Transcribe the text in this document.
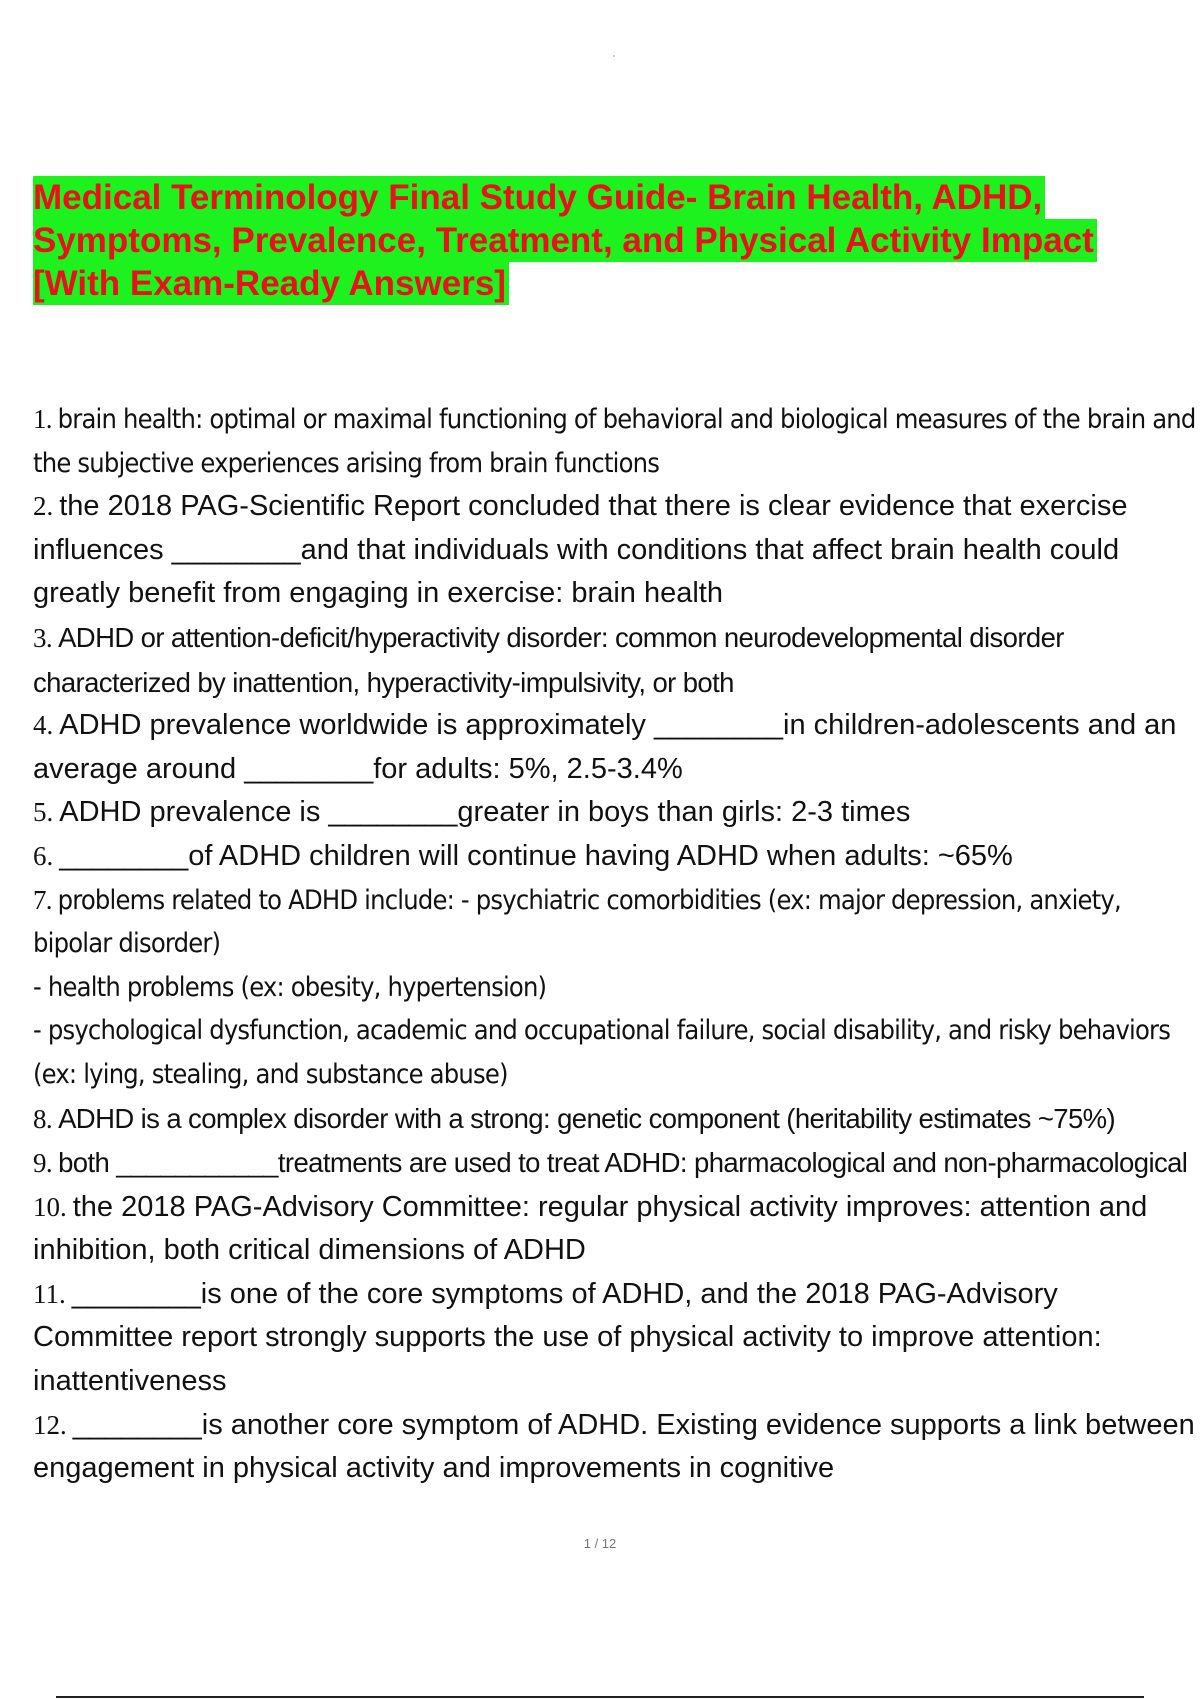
Medical Terminology Final Study Guide- Brain Health, ADHD,
Symptoms, Prevalence, Treatment, and Physical Activity Impact
[With Exam-Ready Answers]

1. brain health: optimal or maximal functioning of behavioral and biological measures of the brain and the subjective experiences arising from brain functions

2. the 2018 PAG-Scientific Report concluded that there is clear evidence that exercise influences ________and that individuals with conditions that affect brain health could greatly benefit from engaging in exercise: brain health

3. ADHD or attention-deficit/hyperactivity disorder: common neurodevelopmental disorder characterized by inattention, hyperactivity-impulsivity, or both

4. ADHD prevalence worldwide is approximately ________in children-adolescents and an average around ________for adults: 5%, 2.5-3.4%

5. ADHD prevalence is ________greater in boys than girls: 2-3 times

6. ________of ADHD children will continue having ADHD when adults: ~65%

7. problems related to ADHD include: - psychiatric comorbidities (ex: major depression, anxiety, bipolar disorder)

- health problems (ex: obesity, hypertension)

- psychological dysfunction, academic and occupational failure, social disability, and risky behaviors (ex: lying, stealing, and substance abuse)

8. ADHD is a complex disorder with a strong: genetic component (heritability estimates ~75%)

9. both ___________treatments are used to treat ADHD: pharmacological and non-pharmacological

10. the 2018 PAG-Advisory Committee: regular physical activity improves: attention and inhibition, both critical dimensions of ADHD

11. ________is one of the core symptoms of ADHD, and the 2018 PAG-Advisory Committee report strongly supports the use of physical activity to improve attention: inattentiveness

12. ________is another core symptom of ADHD. Existing evidence supports a link between engagement in physical activity and improvements in cognitive

1 / 12
